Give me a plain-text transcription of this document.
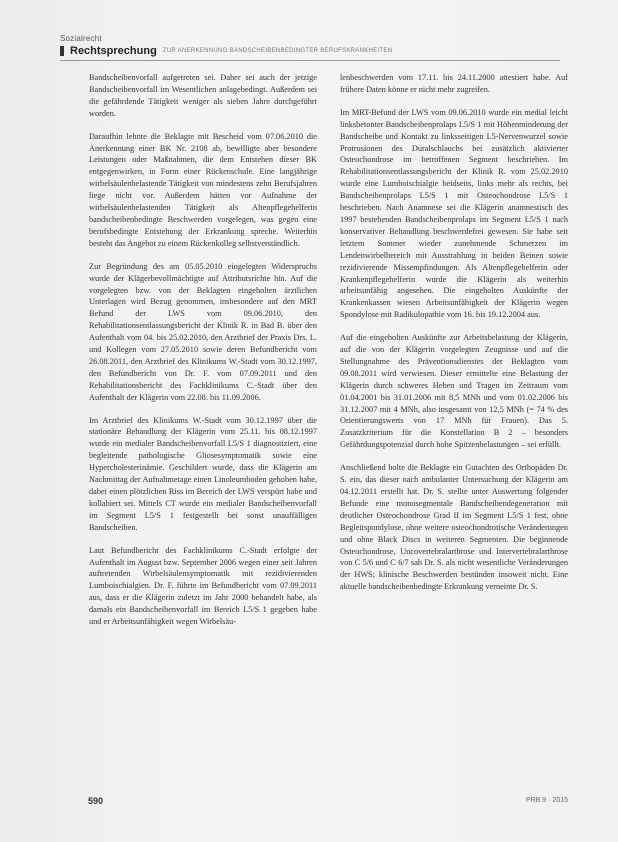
Sozialrecht
Rechtsprechung ZUR ANERKENNUNG BANDSCHEIBENBEDINGTER BERUFSKRANKHEITEN

Bandscheibenvorfall aufgetreten sei. Daher sei auch der jetzige Bandscheibenvorfall im Wesentlichen anlagebedingt. Außerdem sei die gefährdende Tätigkeit weniger als sieben Jahre durchgeführt worden.

Daraufhin lehnte die Beklagte mit Bescheid vom 07.06.2010 die Anerkennung einer BK Nr. 2108 ab, bewilligte aber besondere Leistungen oder Maßnahmen, die dem Entstehen dieser BK entgegenwirken, in Form einer Rückenschule. Eine langjährige wirbelsäulenbelastende Tätigkeit von mindestens zehn Berufsjahren liege nicht vor. Außerdem hätten vor Aufnahme der wirbelsäulenbelastenden Tätigkeit als Altenpflegehelferin bandscheibenbedingte Beschwerden vorgelegen, was gegen eine berufsbedingte Entstehung der Erkrankung spreche. Weiterhin besteht das Angebot zu einem Rückenkolleg selbstverständlich.

Zur Begründung des am 05.05.2010 eingelegten Widerspruchs wurde der Klägerbevollmächtigte auf Attributsrichte hin. Auf die vorgelegten bzw. von der Beklagten eingeholten ärztlichen Unterlagen wird Bezug genommen, insbesondere auf den MRT Befund der LWS vom 09.06.2010, den Rehabilitationsentlassungsbericht der Klinik R. in Bad B. über den Aufenthalt vom 04. bis 25.02.2010, den Arztbrief der Praxis Drs. L. und Kollegen vom 27.05.2010 sowie deren Befundbericht vom 26.08.2011, den Arztbrief des Klinikums W.-Stadt vom 30.12.1997, den Befundbericht von Dr. F. vom 07.09.2011 und den Rehabilitationsbericht des Fachklinikums C.-Stadt über den Aufenthalt der Klägerin vom 22.08. bis 11.09.2006.

Im Arztbrief des Klinikums W.-Stadt vom 30.12.1997 über die stationäre Behandlung der Klägerin vom 25.11. bis 08.12.1997 wurde ein medialer Bandscheibenvorfall L5/S 1 diagnostiziert, eine begleitende pathologische Gliosesymptomatik sowie eine Hypercholesterinämie. Geschildert wurde, dass die Klägerin am Nachmittag der Aufnahmetage einen Linoleumboden gehoben habe, dabei einen plötzlichen Riss im Bereich der LWS verspürt habe und kollabiert sei. Mittels CT wurde ein medialer Bandscheibenvorfall im Segment L5/S 1 festgestellt bei sonst unauffälligen Bandscheiben.

Laut Befundbericht des Fachklinikums C.-Stadt erfolgte der Aufenthalt im August bzw. September 2006 wegen einer seit Jahren auftretenden Wirbelsäulensymptomatik mit rezidivierenden Lumboischialgien. Dr. F. führte im Befundbericht vom 07.09.2011 aus, dass er die Klägerin zuletzt im Jahr 2000 behandelt habe, als damals ein Bandscheibenvorfall im Bereich L5/S 1 gegeben habe und er Arbeitsunfähigkeit wegen Wirbelsäu-

lenbeschwerden vom 17.11. bis 24.11.2000 attestiert habe. Auf frühere Daten könne er nicht mehr zugreifen.

Im MRT-Befund der LWS vom 09.06.2010 wurde ein medial leicht linksbetonter Bandscheibenprolaps L5/S 1 mit Höhenminderung der Bandscheibe und Kontakt zu linksseitigen L5-Nervenwurzel sowie Protrusionen des Duralschlauchs bei zusätzlich aktivierter Osteochondrose im betroffenen Segment beschrieben. Im Rehabilitationsentlassungsbericht der Klinik R. vom 25.02.2010 wurde eine Lumboischialgie beidseits, links mehr als rechts, bei Bandscheibenprolaps L5/S 1 mit Osteochondrose L5/S 1 beschrieben. Nach Anamnese sei die Klägerin anamnestisch des 1997 bestehenden Bandscheibenprolaps im Segment L5/S 1 nach konservativer Behandlung beschwerdefrei gewesen. Sie habe seit letztem Sommer wieder zunehmende Schmerzen im Lendenwirbelbereich mit Ausstrahlung in beiden Beinen sowie rezidivierende Missempfindungen. Als Altenpflegehelferin oder Krankenpflegehelferin wurde die Klägerin als weiterhin arbeitsunfähig angesehen. Die eingeholten Auskünfte der Krankenkassen wiesen Arbeitsunfähigkeit der Klägerin wegen Spondylose mit Radikulopathie vom 16. bis 19.12.2004 aus.

Auf die eingeholten Auskünfte zur Arbeitsbelastung der Klägerin, auf die von der Klägerin vorgelegten Zeugnisse und auf die Stellungnahme des Präventionsdienstes der Beklagten vom 09.08.2011 wird verwiesen. Dieser ermittelte eine Belastung der Klägerin durch schweres Heben und Tragen im Zeitraum vom 01.04.2001 bis 31.01.2006 mit 8,5 MNh und vom 01.02.2006 bis 31.12.2007 mit 4 MNh, also insgesamt von 12,5 MNh (= 74 % des Orientierungswerts von 17 MNh für Frauen). Das 5. Zusatzkriterium für die Konstellation B 2 – besonders Gefährdungspotenzial durch hohe Spitzenbelastungen – sei erfüllt.

Anschließend holte die Beklagte ein Gutachten des Orthopäden Dr. S. ein, das dieser nach ambulanter Untersuchung der Klägerin am 04.12.2011 erstellt hat. Dr. S. stellte unter Auswertung folgender Befunde eine monosegmentale Bandscheibendegeneration mit deutlicher Osteochondrose Grad II im Segment L5/S 1 fest, ohne Begleitspondylose, ohne weitere osteochondrotische Veränderungen und ohne Black Discs in weiteren Segmenten. Die beginnende Osteochondrose, Uncovertebralarthrose und Intervertebralarthrose von C 5/6 und C 6/7 sah Dr. S. als nicht wesentliche Veränderungen der HWS; klinische Beschwerden bestünden insoweit nicht. Eine aktuelle bandscheibenbedingte Erkrankung verneinte Dr. S.

590	PRB 9 · 2015
